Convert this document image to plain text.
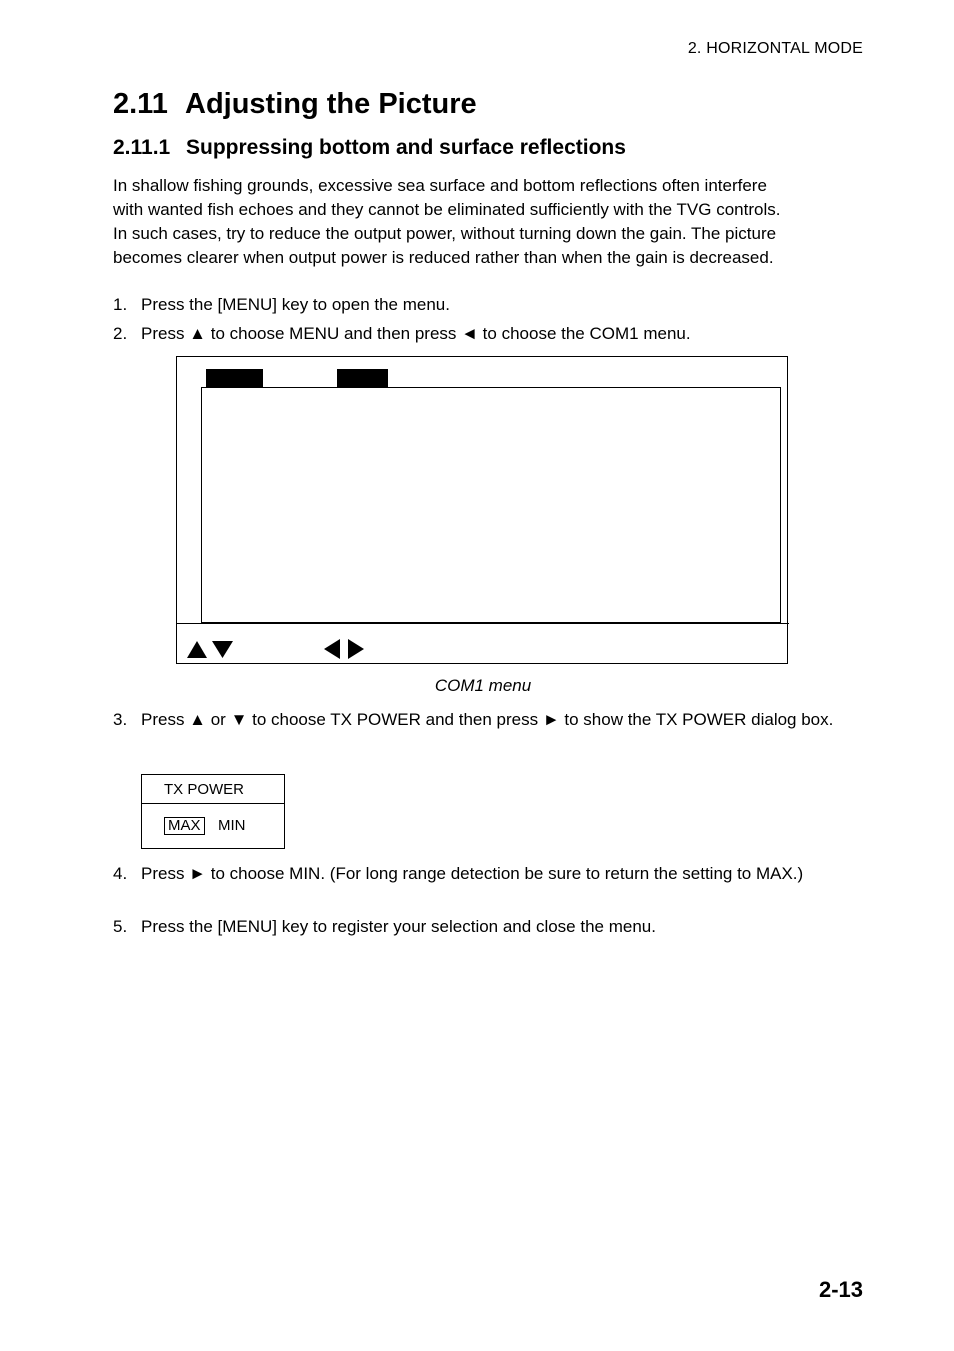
2. HORIZONTAL MODE
2.11 Adjusting the Picture
2.11.1 Suppressing bottom and surface reflections

In shallow fishing grounds, excessive sea surface and bottom reflections often interfere

with wanted fish echoes and they cannot be eliminated sufficiently with the TVG controls.

In such cases, try to reduce the output power, without turning down the gain. The picture

becomes clearer when output power is reduced rather than when the gain is decreased.

1. Press the [MENU] key to open the menu.
2. Press ▲ to choose MENU and then press ◄ to choose the COM1 menu.
COM1 menu
3. Press ▲ or ▼ to choose TX POWER and then press ► to show the TX POWER dialog box.
TX POWER
MAX MIN
4. Press ► to choose MIN. (For long range detection be sure to return the setting to MAX.)
5. Press the [MENU] key to register your selection and close the menu.
2-13
